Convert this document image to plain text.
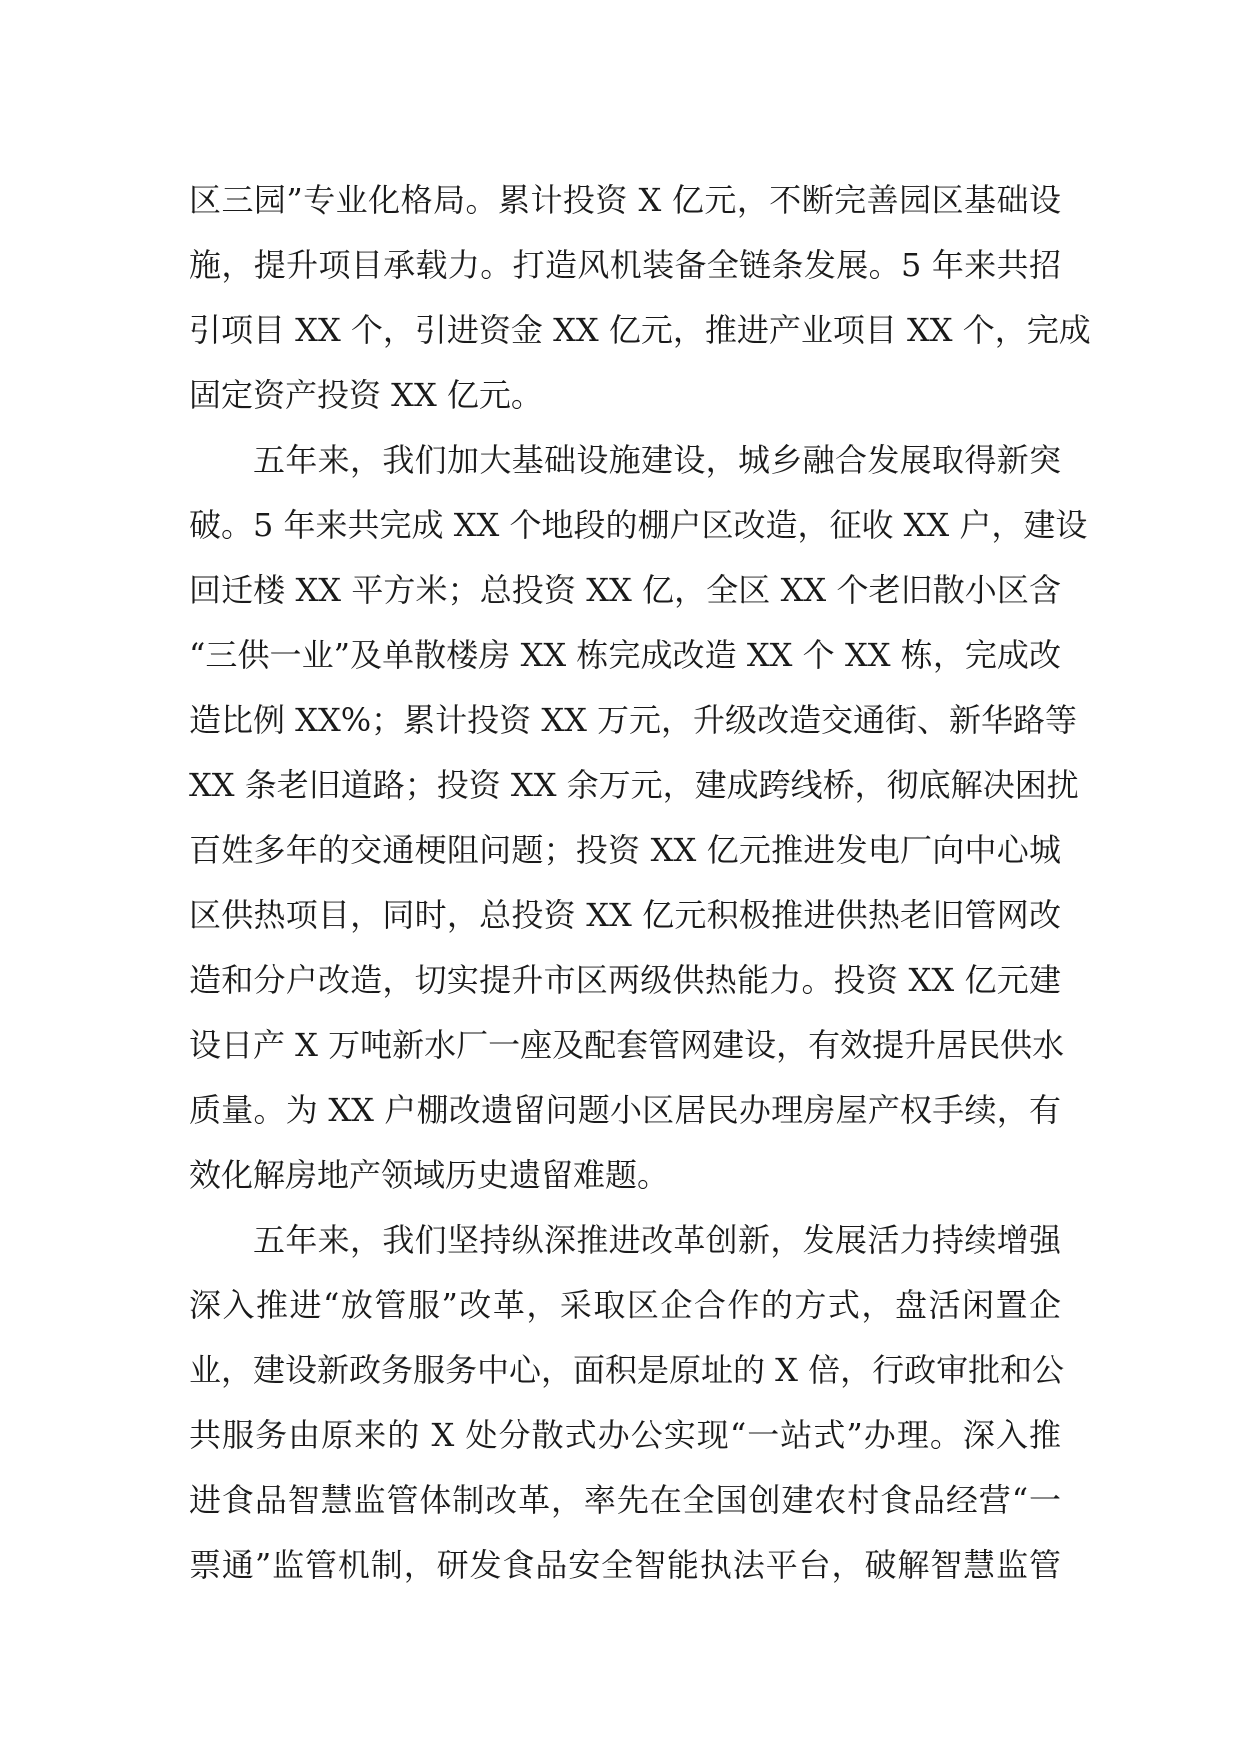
区三园”专业化格局。累计投资 X 亿元，不断完善园区基础设
施，提升项目承载力。打造风机装备全链条发展。5 年来共招
引项目 XX 个，引进资金 XX 亿元，推进产业项目 XX 个，完成
固定资产投资 XX 亿元。
五年来，我们加大基础设施建设，城乡融合发展取得新突
破。5 年来共完成 XX 个地段的棚户区改造，征收 XX 户，建设
回迁楼 XX 平方米；总投资 XX 亿，全区 XX 个老旧散小区含
“三供一业”及单散楼房 XX 栋完成改造 XX 个 XX 栋，完成改
造比例 XX%；累计投资 XX 万元，升级改造交通街、新华路等
XX 条老旧道路；投资 XX 余万元，建成跨线桥，彻底解决困扰
百姓多年的交通梗阻问题；投资 XX 亿元推进发电厂向中心城
区供热项目，同时，总投资 XX 亿元积极推进供热老旧管网改
造和分户改造，切实提升市区两级供热能力。投资 XX 亿元建
设日产 X 万吨新水厂一座及配套管网建设，有效提升居民供水
质量。为 XX 户棚改遗留问题小区居民办理房屋产权手续，有
效化解房地产领域历史遗留难题。
五年来，我们坚持纵深推进改革创新，发展活力持续增强
深入推进“放管服”改革，采取区企合作的方式，盘活闲置企
业，建设新政务服务中心，面积是原址的 X 倍，行政审批和公
共服务由原来的 X 处分散式办公实现“一站式”办理。深入推
进食品智慧监管体制改革，率先在全国创建农村食品经营“一
票通”监管机制，研发食品安全智能执法平台，破解智慧监管
